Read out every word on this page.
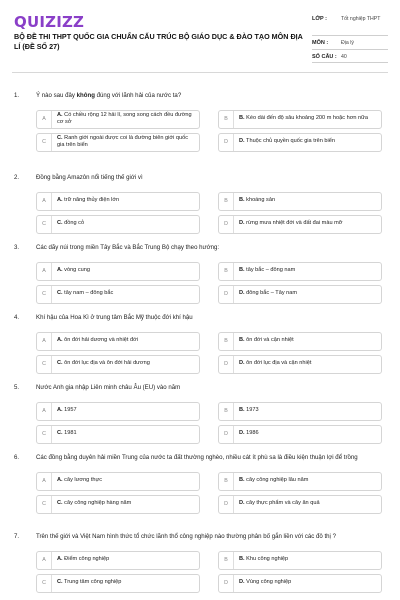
QUIZIZZ
BỘ ĐỀ THI THPT QUỐC GIA CHUẨN CẤU TRÚC BỘ GIÁO DỤC & ĐÀO TẠO MÔN ĐỊA LÍ (ĐỀ SỐ 27)
LỚP :	Tốt nghiệp THPT
MÔN :	Địa lý
SỐ CÂU : 40
1.	Ý nào sau đây không đúng với lãnh hải của nước ta?
A
A. Có chiều rộng 12 hải lí, song song cách đều đường cơ sở	B	B. Kéo dài đến độ sâu khoảng 200 m hoặc hơn nữa
C
C. Ranh giới ngoài được coi là đường biên giới quốc gia trên biển	D	D. Thuộc chủ quyền quốc gia trên biển
2.	Đồng bằng Amazôn nổi tiếng thế giới vì
A	A. trữ năng thủy điện lớn	B	B. khoáng sản
C	C. đồng cỏ	D	D. rừng mưa nhiệt đới và đất đai màu mỡ
3.	Các dãy núi trong miền Tây Bắc và Bắc Trung Bộ chạy theo hướng:
A	A. vòng cung	B	B. tây bắc – đông nam
C	C. tây nam – đông bắc	D	D. đông bắc – Tây nam
4.	Khí hậu của Hoa Kì ở trung tâm Bắc Mỹ thuộc đới khí hậu
A	A. ôn đới hải dương và nhiệt đới	B	B. ôn đới và cận nhiệt
C	C. ôn đới lục địa và ôn đới hải dương	D	D. ôn đới lục địa và cận nhiệt
5.	Nước Anh gia nhập Liên minh châu Âu (EU) vào năm
A	A. 1957	B	B. 1973
C	C. 1981	D	D. 1986
6.	Các đồng bằng duyên hải miền Trung của nước ta đất thường nghèo, nhiều cát ít phù sa là điều kiện thuận lợi để trồng
A	A. cây lương thực	B	B. cây công nghiệp lâu năm
C	C. cây công nghiệp hàng năm	D	D. cây thực phẩm và cây ăn quả
7.	Trên thế giới và Việt Nam hình thức tổ chức lãnh thổ công nghiệp nào thường phân bố gắn liền với các đô thị ?
A	A. Điểm công nghiệp	B	B. Khu công nghiệp
C	C. Trung tâm công nghiệp	D	D. Vùng công nghiệp
